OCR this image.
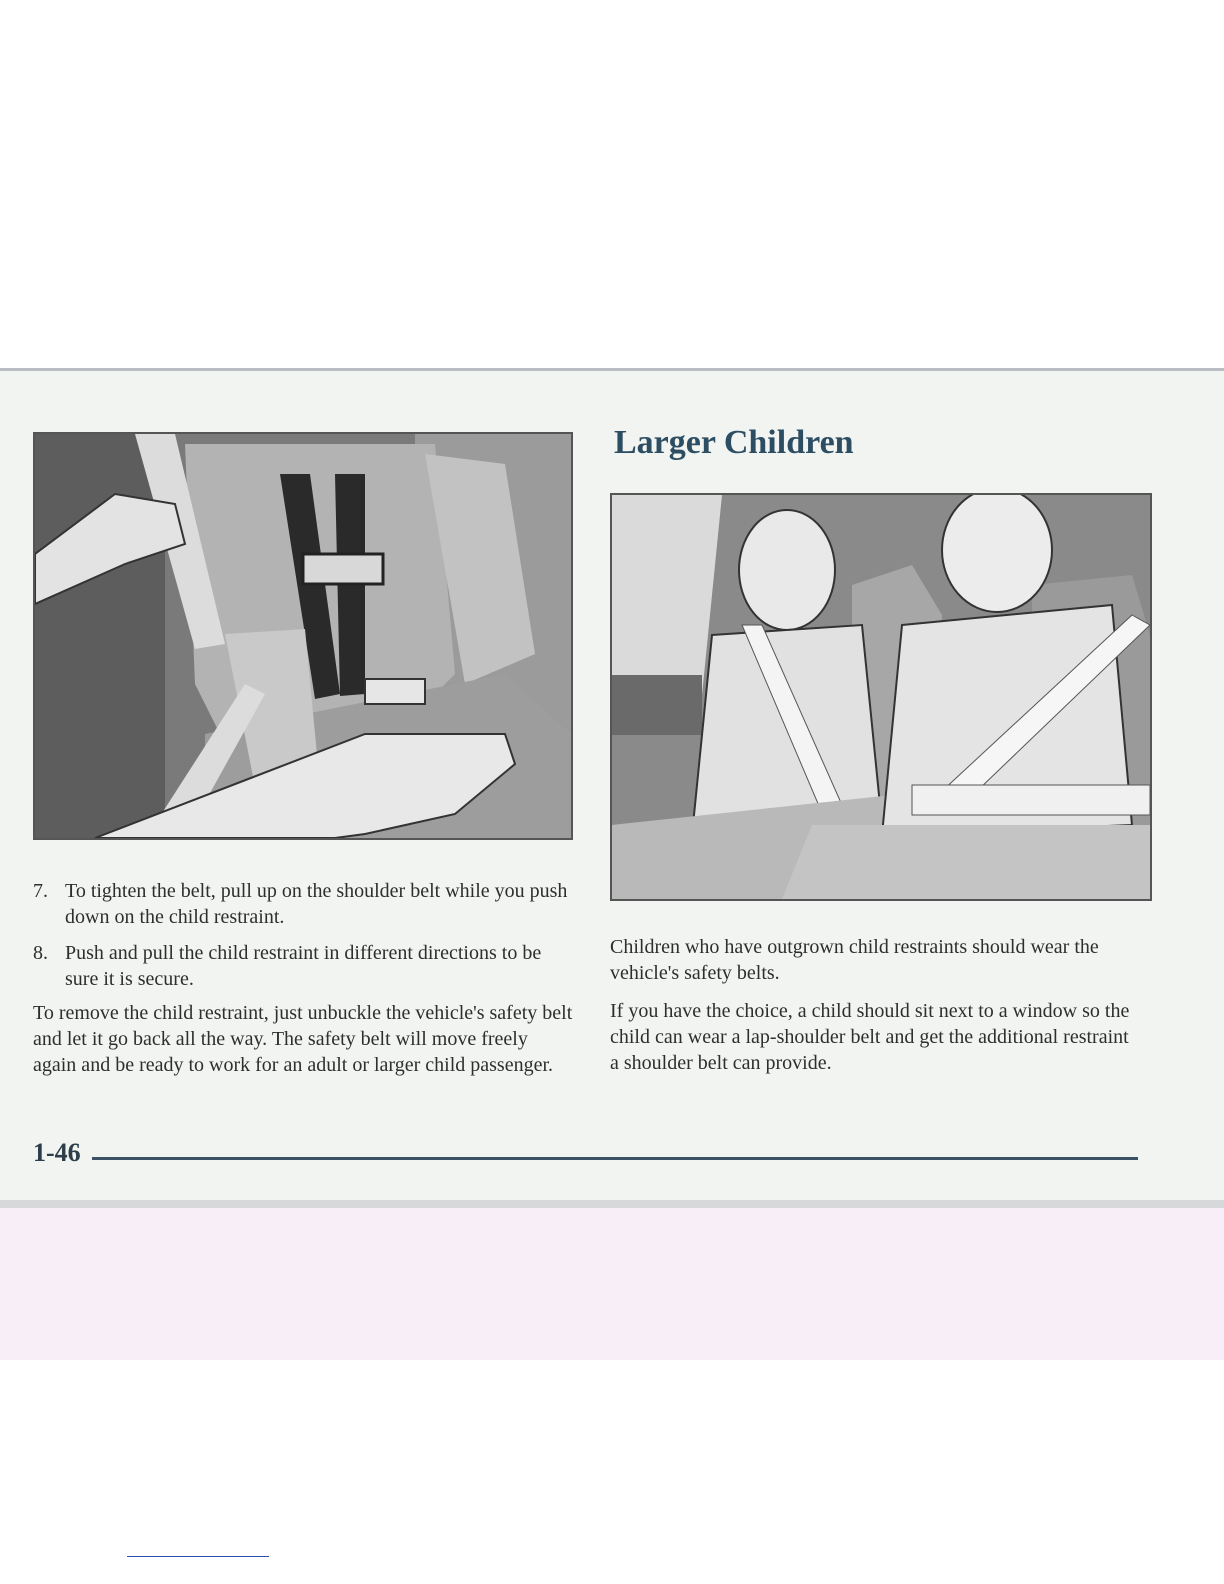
Larger Children
7. To tighten the belt, pull up on the shoulder belt while you push down on the child restraint.
8. Push and pull the child restraint in different directions to be sure it is secure.

To remove the child restraint, just unbuckle the vehicle's safety belt and let it go back all the way. The safety belt will move freely again and be ready to work for an adult or larger child passenger.

Children who have outgrown child restraints should wear the vehicle's safety belts.

If you have the choice, a child should sit next to a window so the child can wear a lap-shoulder belt and get the additional restraint a shoulder belt can provide.

1-46
